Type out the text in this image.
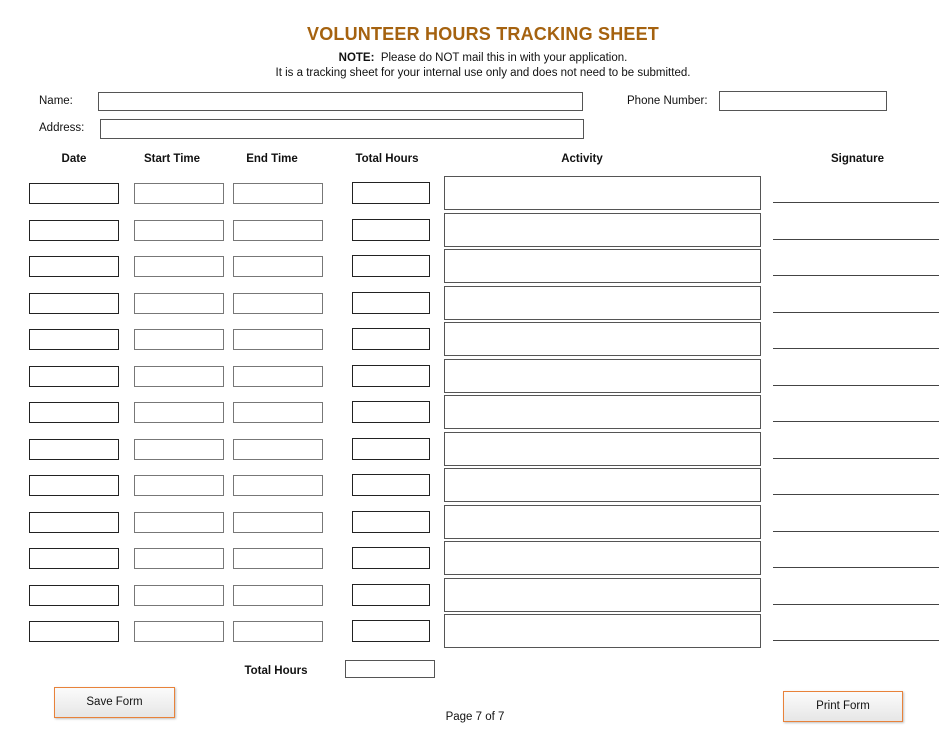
VOLUNTEER HOURS TRACKING SHEET
NOTE: Please do NOT mail this in with your application.
It is a tracking sheet for your internal use only and does not need to be submitted.
Name:	Phone Number:
Address:
Date	Start Time	End Time	Total Hours	Activity	Signature
Total Hours
Save Form	Print Form
Page 7 of 7
